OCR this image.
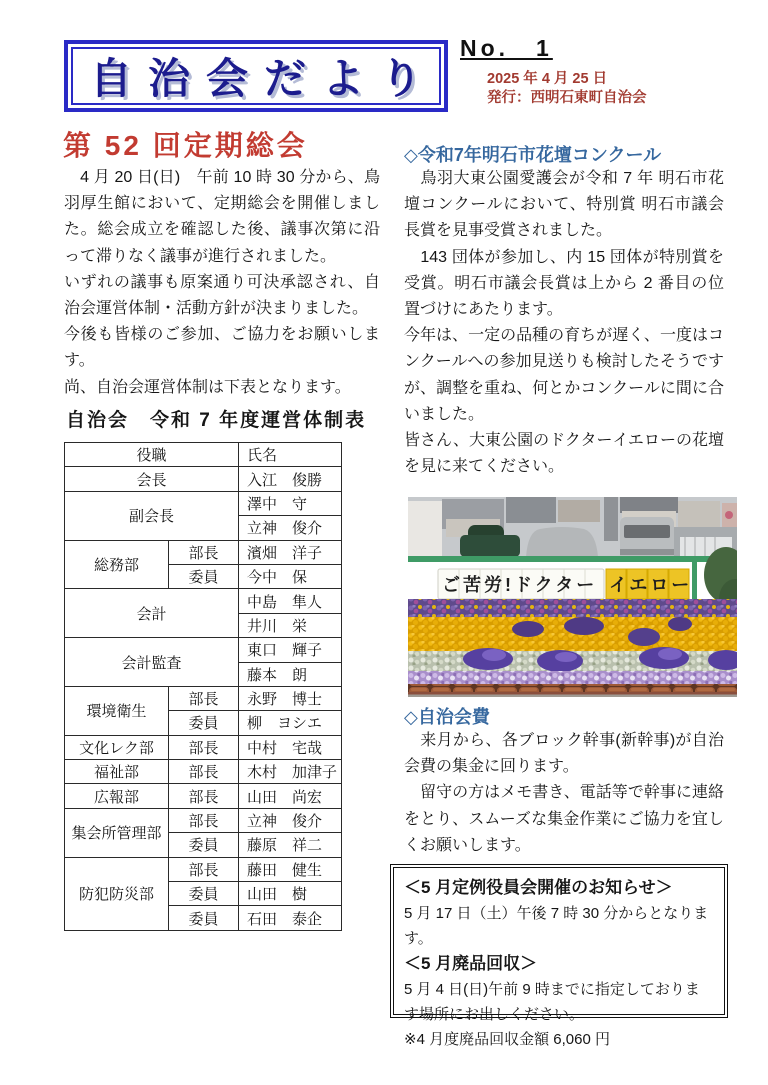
自治会だより
No.　1
2025 年 4 月 25 日
発行：西明石東町自治会
第 52 回定期総会

　4 月 20 日(日)　午前 10 時 30 分から、鳥羽厚生館において、定期総会を開催しました。総会成立を確認した後、議事次第に沿って滞りなく議事が進行されました。

いずれの議事も原案通り可決承認され、自治会運営体制・活動方針が決まりました。

今後も皆様のご参加、ご協力をお願いします。

尚、自治会運営体制は下表となります。

自治会　令和 7 年度運営体制表
役職		氏名
会長		入江　俊勝
副会長		澤中　守
		立神　俊介
総務部	部長	濱畑　洋子
	委員	今中　保
会計		中島　隼人
		井川　栄
会計監査		東口　輝子
		藤本　朗
環境衛生	部長	永野　博士
	委員	柳　ヨシエ
文化レク部	部長	中村　宅哉
福祉部	部長	木村　加津子
広報部	部長	山田　尚宏
集会所管理部	部長	立神　俊介
	委員	藤原　祥二
防犯防災部	部長	藤田　健生
	委員	山田　樹
	委員	石田　泰企
◇令和7年明石市花壇コンクール

　鳥羽大東公園愛護会が令和 7 年 明石市花壇コンクールにおいて、特別賞 明石市議会長賞を見事受賞されました。

　143 団体が参加し、内 15 団体が特別賞を受賞。明石市議会長賞は上から 2 番目の位置づけにあたります。

今年は、一定の品種の育ちが遅く、一度はコンクールへの参加見送りも検討したそうですが、調整を重ね、何とかコンクールに間に合いました。

皆さん、大東公園のドクターイエローの花壇を見に来てください。

ご苦労!ドクター イエロー
◇自治会費

　来月から、各ブロック幹事(新幹事)が自治会費の集金に回ります。

　留守の方はメモ書き、電話等で幹事に連絡をとり、スムーズな集金作業にご協力を宜しくお願いします。

＜5 月定例役員会開催のお知らせ＞
5 月 17 日（土）午後 7 時 30 分からとなります。
＜5 月廃品回収＞
5 月 4 日(日)午前 9 時までに指定しております場所にお出しください。
※4 月度廃品回収金額 6,060 円
